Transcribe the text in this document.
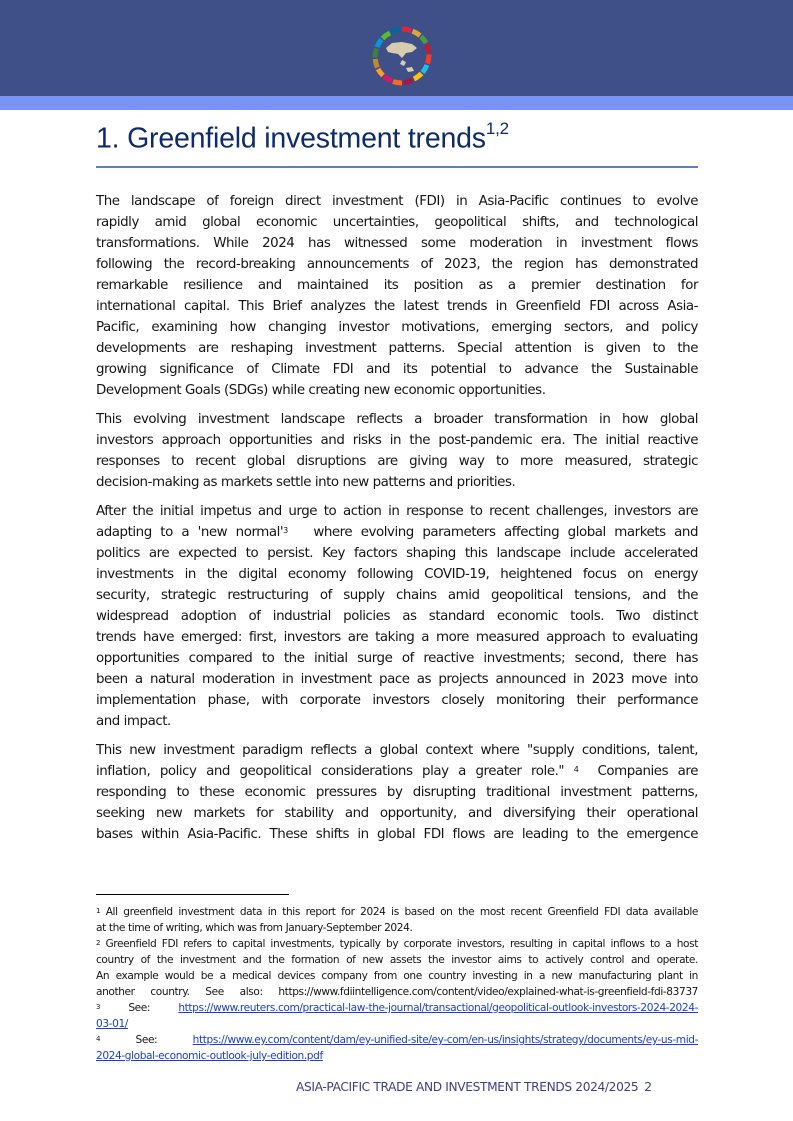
1. Greenfield investment trends$^{1,2}$

The landscape of foreign direct investment (FDI) in Asia-Pacific continues to evolve
rapidly amid global economic uncertainties, geopolitical shifts, and technological
transformations. While 2024 has witnessed some moderation in investment flows
following the record-breaking announcements of 2023, the region has demonstrated
remarkable resilience and maintained its position as a premier destination for
international capital. This Brief analyzes the latest trends in Greenfield FDI across Asia-
Pacific, examining how changing investor motivations, emerging sectors, and policy
developments are reshaping investment patterns. Special attention is given to the
growing significance of Climate FDI and its potential to advance the Sustainable
Development Goals (SDGs) while creating new economic opportunities.

This evolving investment landscape reflects a broader transformation in how global
investors approach opportunities and risks in the post-pandemic era. The initial reactive
responses to recent global disruptions are giving way to more measured, strategic
decision-making as markets settle into new patterns and priorities.

After the initial impetus and urge to action in response to recent challenges, investors are
adapting to a 'new normal'$^3$ where evolving parameters affecting global markets and
politics are expected to persist. Key factors shaping this landscape include accelerated
investments in the digital economy following COVID-19, heightened focus on energy
security, strategic restructuring of supply chains amid geopolitical tensions, and the
widespread adoption of industrial policies as standard economic tools. Two distinct
trends have emerged: first, investors are taking a more measured approach to evaluating
opportunities compared to the initial surge of reactive investments; second, there has
been a natural moderation in investment pace as projects announced in 2023 move into
implementation phase, with corporate investors closely monitoring their performance
and impact.

This new investment paradigm reflects a global context where "supply conditions, talent,
inflation, policy and geopolitical considerations play a greater role." $^4$ Companies are
responding to these economic pressures by disrupting traditional investment patterns,
seeking new markets for stability and opportunity, and diversifying their operational
bases within Asia-Pacific. These shifts in global FDI flows are leading to the emergence

$^1$ All greenfield investment data in this report for 2024 is based on the most recent Greenfield FDI data available
at the time of writing, which was from January-September 2024.
$^2$ Greenfield FDI refers to capital investments, typically by corporate investors, resulting in capital inflows to a host
country of the investment and the formation of new assets the investor aims to actively control and operate.
An example would be a medical devices company from one country investing in a new manufacturing plant in
another country. See also: https://www.fdiintelligence.com/content/video/explained-what-is-greenfield-fdi-83737
$^3$	See: https://www.reuters.com/practical-law-the-journal/transactional/geopolitical-outlook-investors-2024-2024-
03-01/
$^4$	See: https://www.ey.com/content/dam/ey-unified-site/ey-com/en-us/insights/strategy/documents/ey-us-mid-
2024-global-economic-outlook-july-edition.pdf
ASIA-PACIFIC TRADE AND INVESTMENT TRENDS 2024/2025 2
